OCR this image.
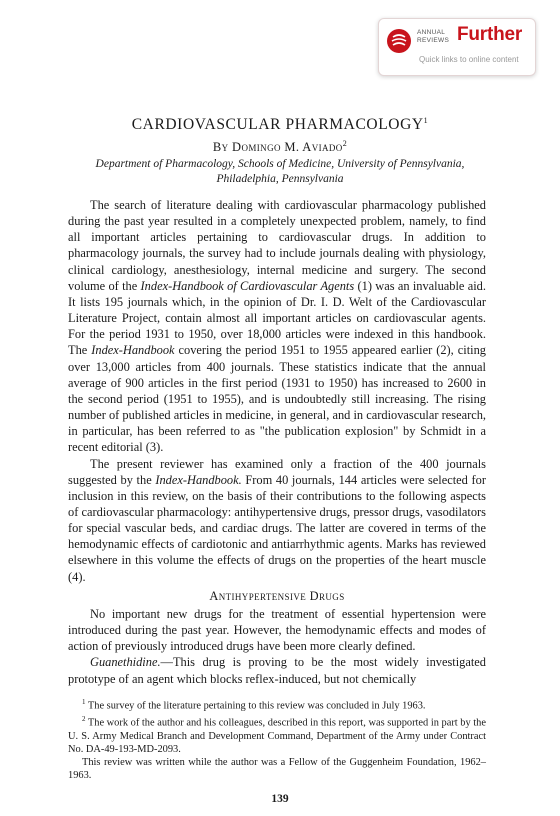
ANNUAL
REVIEWS Further
Quick links to online content
CARDIOVASCULAR PHARMACOLOGY$^1$
By Domingo M. Aviado$^2$
Department of Pharmacology, Schools of Medicine, University of Pennsylvania,
Philadelphia, Pennsylvania

The search of literature dealing with cardiovascular pharmacology published during the past year resulted in a completely unexpected problem, namely, to find all important articles pertaining to cardiovascular drugs. In addition to pharmacology journals, the survey had to include journals dealing with physiology, clinical cardiology, anesthesiology, internal medicine and surgery. The second volume of the Index-Handbook of Cardiovascular Agents (1) was an invaluable aid. It lists 195 journals which, in the opinion of Dr. I. D. Welt of the Cardiovascular Literature Project, contain almost all important articles on cardiovascular agents. For the period 1931 to 1950, over 18,000 articles were indexed in this handbook. The Index-Handbook covering the period 1951 to 1955 appeared earlier (2), citing over 13,000 articles from 400 journals. These statistics indicate that the annual average of 900 articles in the first period (1931 to 1950) has increased to 2600 in the second period (1951 to 1955), and is undoubtedly still increasing. The rising number of published articles in medicine, in general, and in cardiovascular research, in particular, has been referred to as "the publication explosion" by Schmidt in a recent editorial (3).

The present reviewer has examined only a fraction of the 400 journals suggested by the Index-Handbook. From 40 journals, 144 articles were selected for inclusion in this review, on the basis of their contributions to the following aspects of cardiovascular pharmacology: antihypertensive drugs, pressor drugs, vasodilators for special vascular beds, and cardiac drugs. The latter are covered in terms of the hemodynamic effects of cardiotonic and antiarrhythmic agents. Marks has reviewed elsewhere in this volume the effects of drugs on the properties of the heart muscle (4).

Antihypertensive Drugs

No important new drugs for the treatment of essential hypertension were introduced during the past year. However, the hemodynamic effects and modes of action of previously introduced drugs have been more clearly defined.

Guanethidine.—This drug is proving to be the most widely investigated prototype of an agent which blocks reflex-induced, but not chemically

$^1$ The survey of the literature pertaining to this review was concluded in July 1963.

$^2$ The work of the author and his colleagues, described in this report, was supported in part by the U. S. Army Medical Branch and Development Command, Department of the Army under Contract No. DA-49-193-MD-2093.

This review was written while the author was a Fellow of the Guggenheim Foundation, 1962–1963.

139
